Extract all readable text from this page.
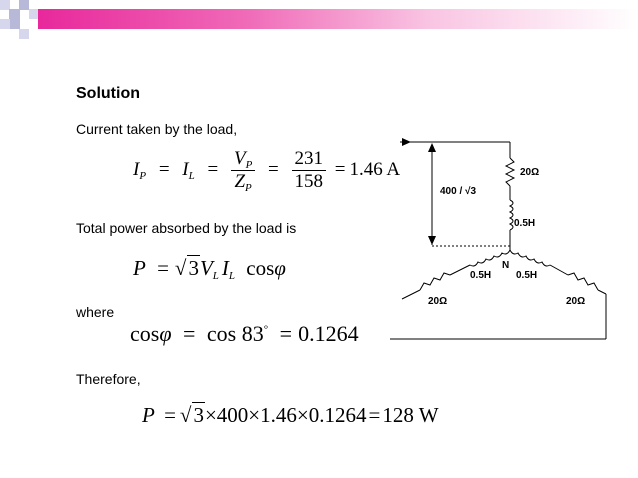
Solution
Current taken by the load,
Total power absorbed by the load is
where
Therefore,
$I_P = I_L = \frac{V_P}{Z_P} = \frac{231}{158} = 1.46$ A
P = √3VL IL cosφ
cosφ = cos 83° = 0.1264
P = √3×400×1.46×0.1264=128 W
400 / √3
20Ω
0.5H
N
0.5H 0.5H
20Ω	20Ω
